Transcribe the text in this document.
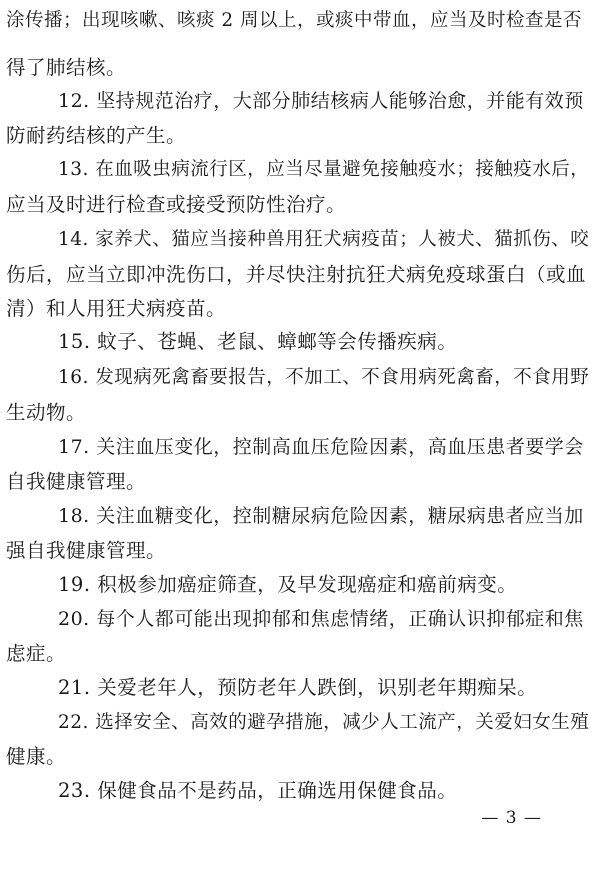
涂传播；出现咳嗽、咳痰 2 周以上，或痰中带血，应当及时检查是否
得了肺结核。
12. 坚持规范治疗，大部分肺结核病人能够治愈，并能有效预
防耐药结核的产生。
13. 在血吸虫病流行区，应当尽量避免接触疫水；接触疫水后，
应当及时进行检查或接受预防性治疗。
14. 家养犬、猫应当接种兽用狂犬病疫苗；人被犬、猫抓伤、咬
伤后，应当立即冲洗伤口，并尽快注射抗狂犬病免疫球蛋白（或血
清）和人用狂犬病疫苗。
15. 蚊子、苍蝇、老鼠、蟑螂等会传播疾病。
16. 发现病死禽畜要报告，不加工、不食用病死禽畜，不食用野
生动物。
17. 关注血压变化，控制高血压危险因素，高血压患者要学会
自我健康管理。
18. 关注血糖变化，控制糖尿病危险因素，糖尿病患者应当加
强自我健康管理。
19. 积极参加癌症筛查，及早发现癌症和癌前病变。
20. 每个人都可能出现抑郁和焦虑情绪，正确认识抑郁症和焦
虑症。
21. 关爱老年人，预防老年人跌倒，识别老年期痴呆。
22. 选择安全、高效的避孕措施，减少人工流产，关爱妇女生殖
健康。
23. 保健食品不是药品，正确选用保健食品。
— 3 —
